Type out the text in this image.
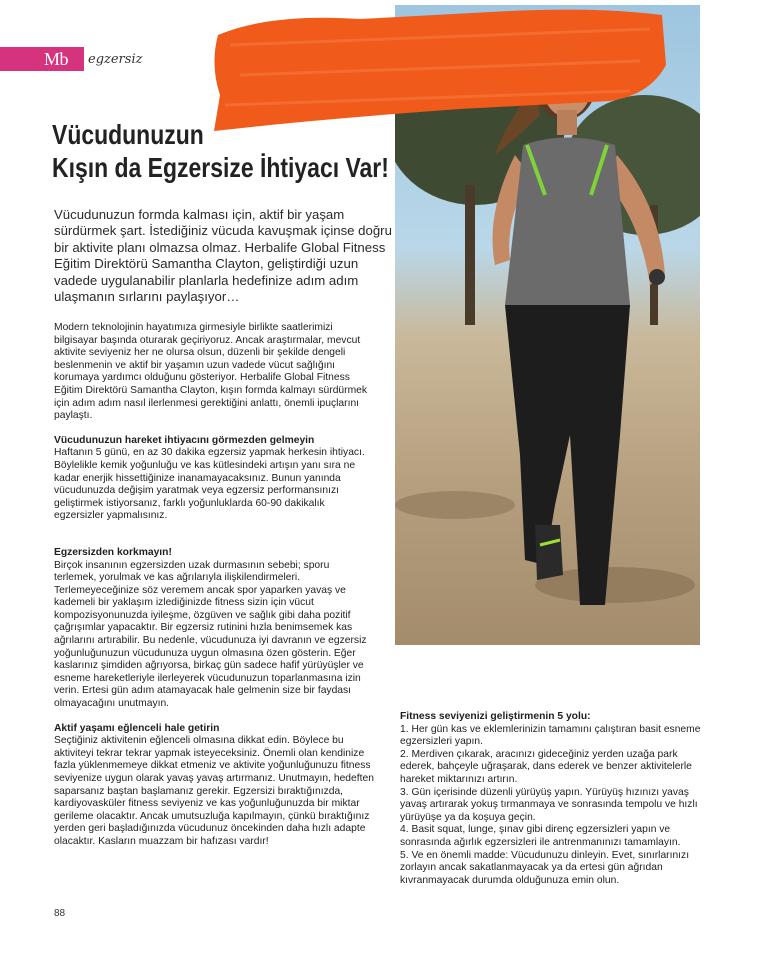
Mb egzersiz
Vücudunuzun
Kışın da Egzersize İhtiyacı Var!

Vücudunuzun formda kalması için, aktif bir yaşam sürdürmek şart. İstediğiniz vücuda kavuşmak içinse doğru bir aktivite planı olmazsa olmaz. Herbalife Global Fitness Eğitim Direktörü Samantha Clayton, geliştirdiği uzun vadede uygulanabilir planlarla hedefinize adım adım ulaşmanın sırlarını paylaşıyor…

Modern teknolojinin hayatımıza girmesiyle birlikte saatlerimizi bilgisayar başında oturarak geçiriyoruz. Ancak araştırmalar, mevcut aktivite seviyeniz her ne olursa olsun, düzenli bir şekilde dengeli beslenmenin ve aktif bir yaşamın uzun vadede vücut sağlığını korumaya yardımcı olduğunu gösteriyor. Herbalife Global Fitness Eğitim Direktörü Samantha Clayton, kışın formda kalmayı sürdürmek için adım adım nasıl ilerlenmesi gerektiğini anlattı, önemli ipuçlarını paylaştı.

Vücudunuzun hareket ihtiyacını görmezden gelmeyin
Haftanın 5 günü, en az 30 dakika egzersiz yapmak herkesin ihtiyacı. Böylelikle kemik yoğunluğu ve kas kütlesindeki artışın yanı sıra ne kadar enerjik hissettiğinize inanamayacaksınız. Bunun yanında vücudunuzda değişim yaratmak veya egzersiz performansınızı geliştirmek istiyorsanız, farklı yoğunluklarda 60-90 dakikalık egzersizler yapmalısınız.

Egzersizden korkmayın!
Birçok insanının egzersizden uzak durmasının sebebi; sporu terlemek, yorulmak ve kas ağrılarıyla ilişkilendirmeleri. Terlemeyeceğinize söz veremem ancak spor yaparken yavaş ve kademeli bir yaklaşım izlediğinizde fitness sizin için vücut kompozisyonunuzda iyileşme, özgüven ve sağlık gibi daha pozitif çağrışımlar yapacaktır. Bir egzersiz rutinini hızla benimsemek kas ağrılarını artırabilir. Bu nedenle, vücudunuza iyi davranın ve egzersiz yoğunluğunuzun vücudunuza uygun olmasına özen gösterin. Eğer kaslarınız şimdiden ağrıyorsa, birkaç gün sadece hafif yürüyüşler ve esneme hareketleriyle ilerleyerek vücudunuzun toparlanmasına izin verin. Ertesi gün adım atamayacak hale gelmenin size bir faydası olmayacağını unutmayın.

Aktif yaşamı eğlenceli hale getirin
Seçtiğiniz aktivitenin eğlenceli olmasına dikkat edin. Böylece bu aktiviteyi tekrar tekrar yapmak isteyeceksiniz. Önemli olan kendinize fazla yüklenmemeye dikkat etmeniz ve aktivite yoğunluğunuzu fitness seviyenize uygun olarak yavaş yavaş artırmanız. Unutmayın, hedeften saparsanız baştan başlamanız gerekir. Egzersizi bıraktığınızda, kardiyovasküler fitness seviyeniz ve kas yoğunluğunuzda bir miktar gerileme olacaktır. Ancak umutsuzluğa kapılmayın, çünkü bıraktığınız yerden geri başladığınızda vücudunuz öncekinden daha hızlı adapte olacaktır. Kasların muazzam bir hafızası vardır!

Fitness seviyenizi geliştirmenin 5 yolu:
1. Her gün kas ve eklemlerinizin tamamını çalıştıran basit esneme egzersizleri yapın.
2. Merdiven çıkarak, aracınızı gideceğiniz yerden uzağa park ederek, bahçeyle uğraşarak, dans ederek ve benzer aktivitelerle hareket miktarınızı artırın.
3. Gün içerisinde düzenli yürüyüş yapın. Yürüyüş hızınızı yavaş yavaş artırarak yokuş tırmanmaya ve sonrasında tempolu ve hızlı yürüyüşe ya da koşuya geçin.
4. Basit squat, lunge, şınav gibi direnç egzersizleri yapın ve sonrasında ağırlık egzersizleri ile antrenmanınızı tamamlayın.
5. Ve en önemli madde: Vücudunuzu dinleyin. Evet, sınırlarınızı zorlayın ancak sakatlanmayacak ya da ertesi gün ağrıdan kıvranmayacak durumda olduğunuza emin olun.
88
